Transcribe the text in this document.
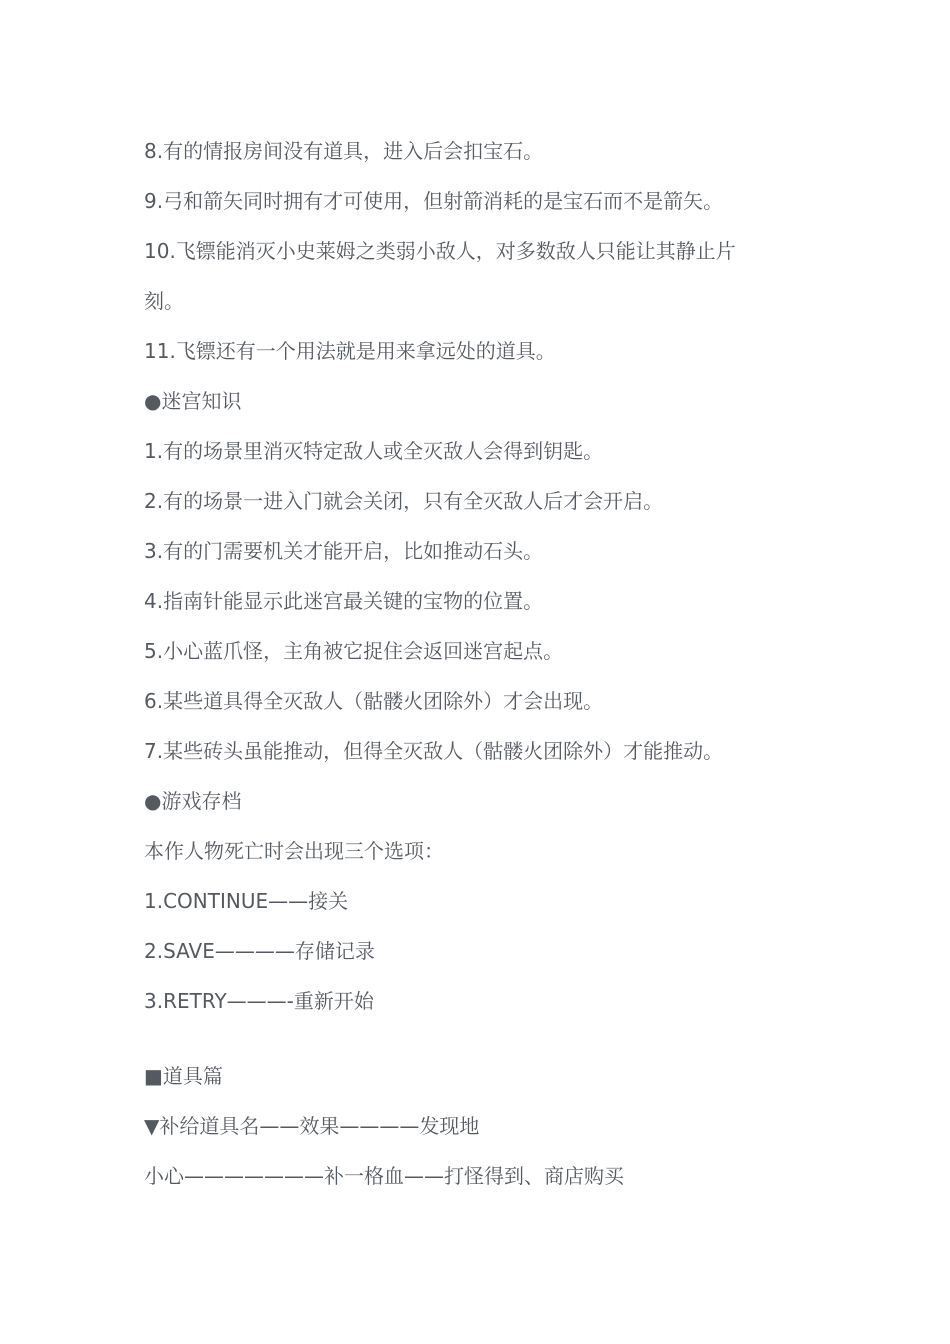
8.有的情报房间没有道具，进入后会扣宝石。
9.弓和箭矢同时拥有才可使用，但射箭消耗的是宝石而不是箭矢。
10.飞镖能消灭小史莱姆之类弱小敌人，对多数敌人只能让其静止片
刻。
11.飞镖还有一个用法就是用来拿远处的道具。
●迷宫知识
1.有的场景里消灭特定敌人或全灭敌人会得到钥匙。
2.有的场景一进入门就会关闭，只有全灭敌人后才会开启。
3.有的门需要机关才能开启，比如推动石头。
4.指南针能显示此迷宫最关键的宝物的位置。
5.小心蓝爪怪，主角被它捉住会返回迷宫起点。
6.某些道具得全灭敌人（骷髅火团除外）才会出现。
7.某些砖头虽能推动，但得全灭敌人（骷髅火团除外）才能推动。
●游戏存档
本作人物死亡时会出现三个选项：
1.CONTINUE——接关
2.SAVE————存储记录
3.RETRY———-重新开始
■道具篇
▼补给道具名——效果————发现地
小心———————补一格血——打怪得到、商店购买
